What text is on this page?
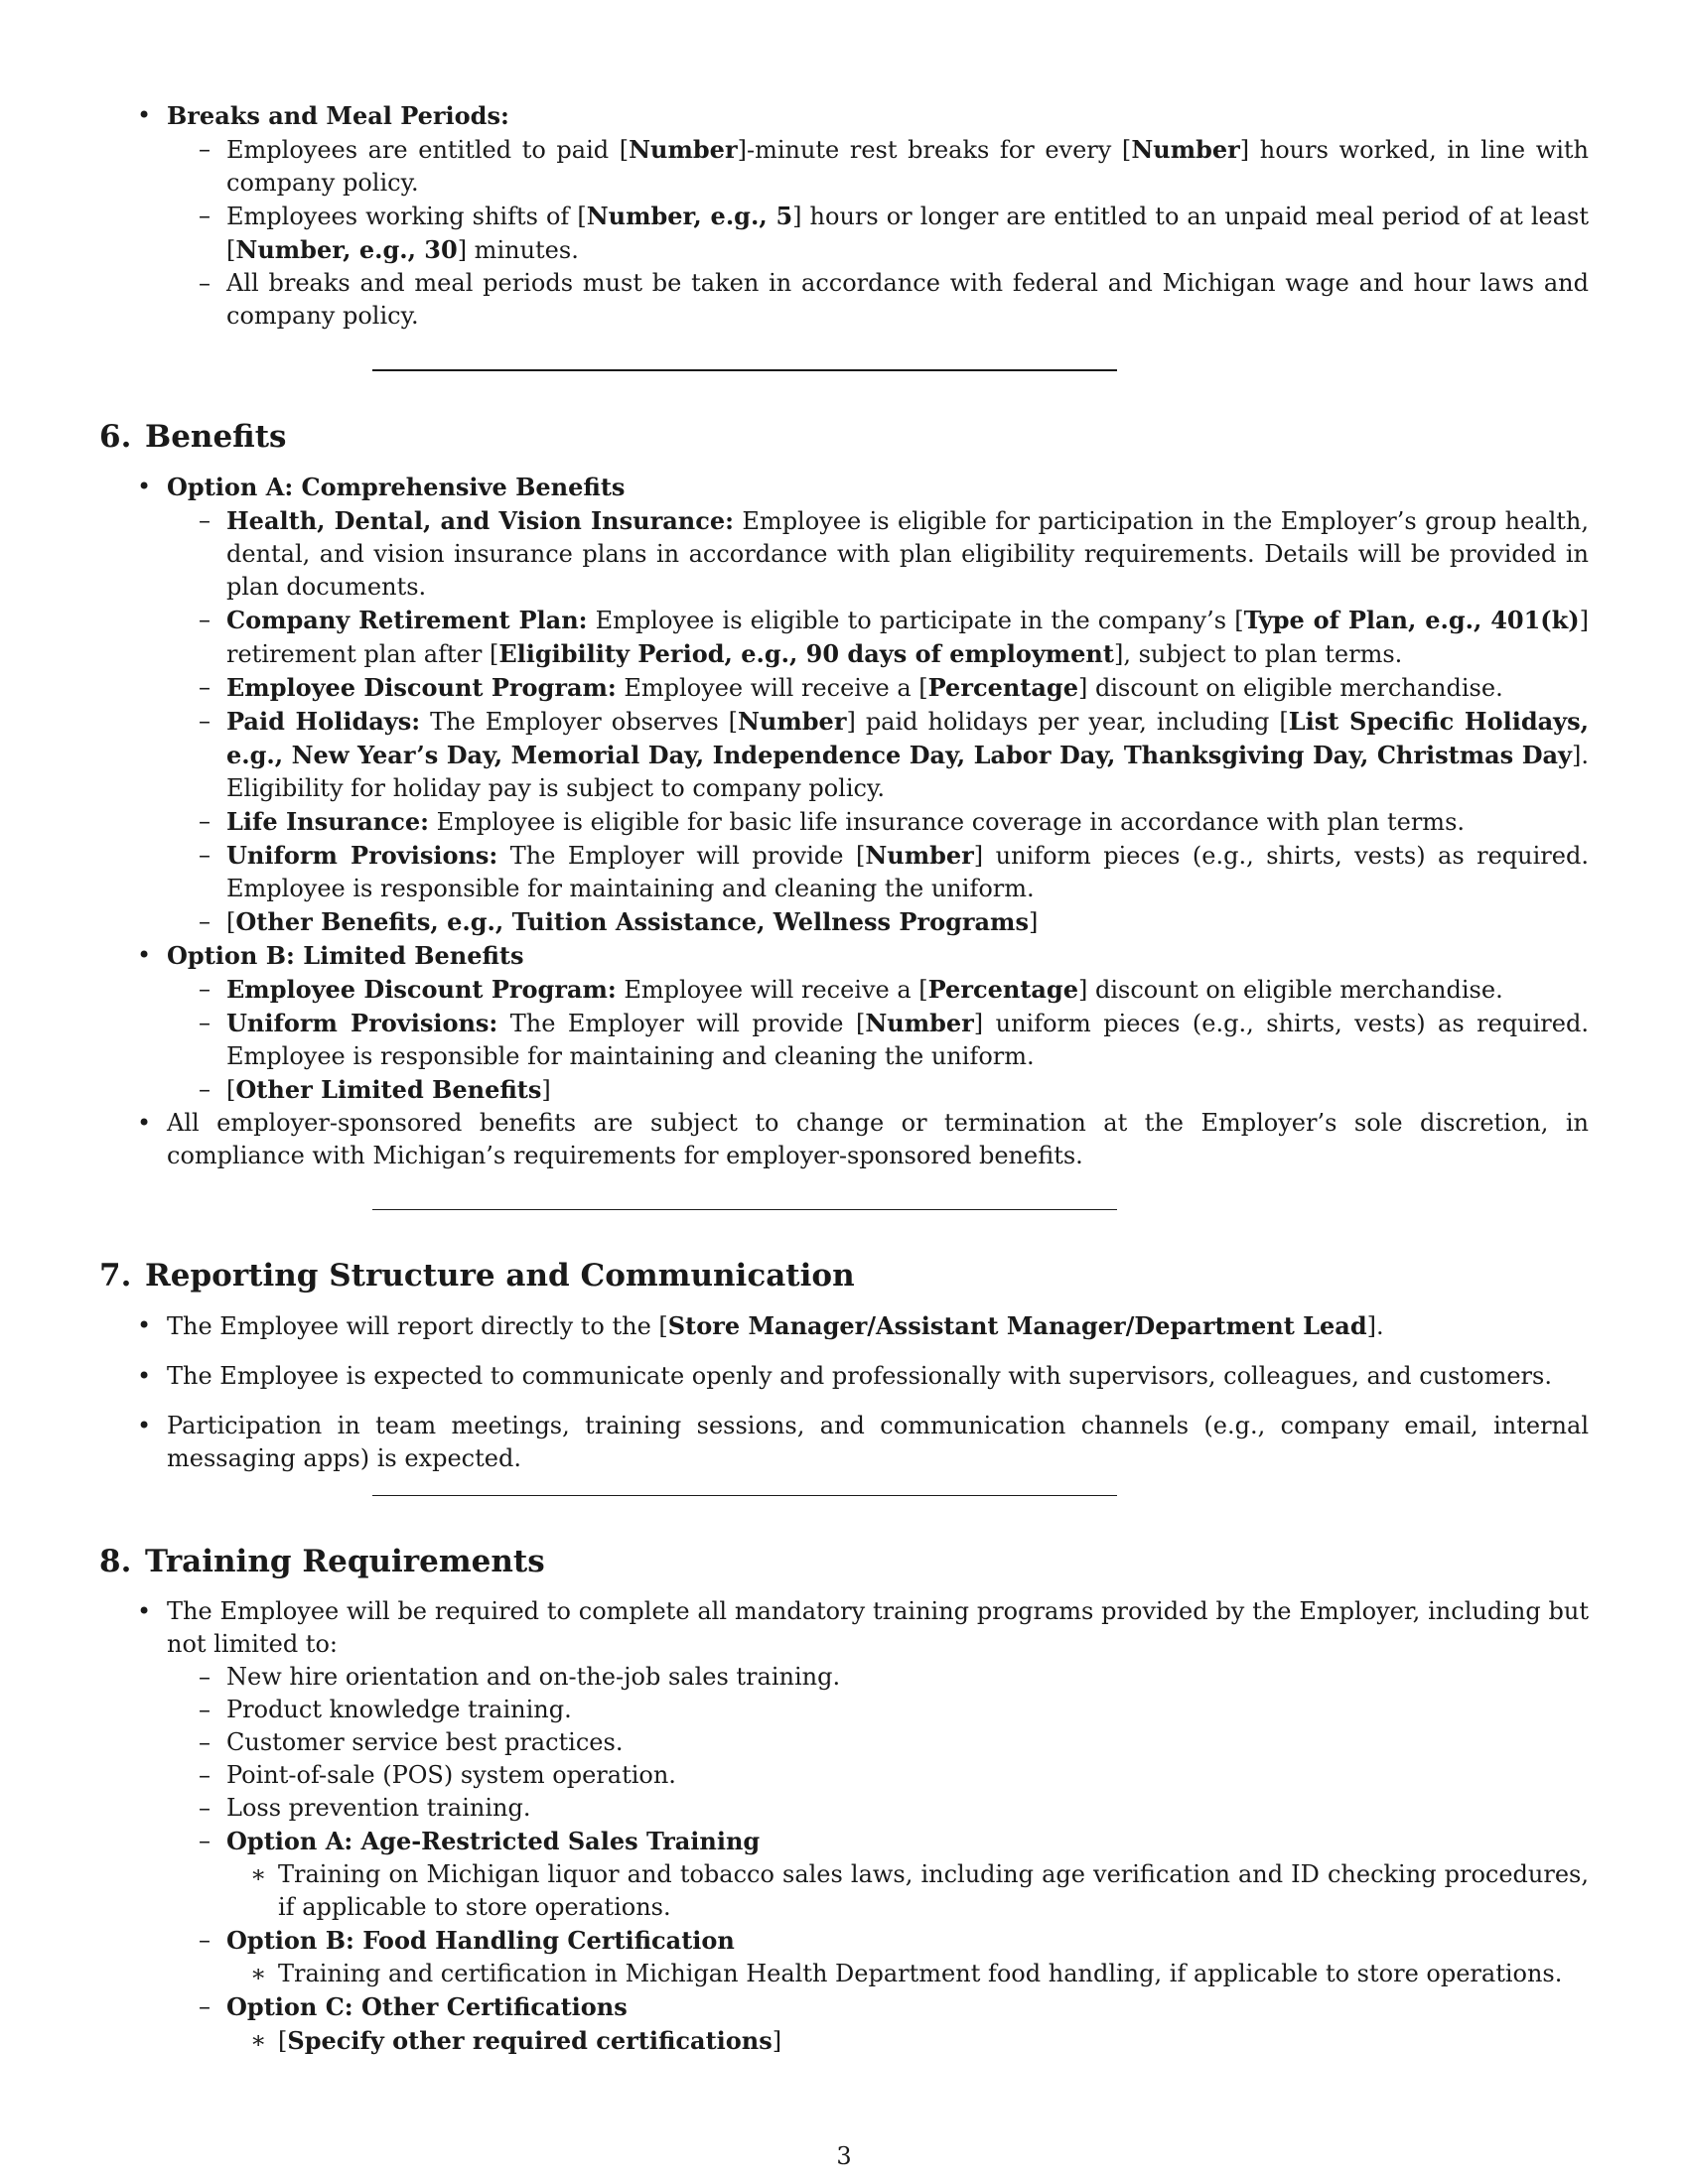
• Breaks and Meal Periods:
– Employees are entitled to paid [Number]-minute rest breaks for every [Number] hours worked, in line with company policy.
– Employees working shifts of [Number, e.g., 5] hours or longer are entitled to an unpaid meal period of at least [Number, e.g., 30] minutes.
– All breaks and meal periods must be taken in accordance with federal and Michigan wage and hour laws and company policy.
6. Benefits
• Option A: Comprehensive Benefits
– Health, Dental, and Vision Insurance: Employee is eligible for participation in the Employer’s group health, dental, and vision insurance plans in accordance with plan eligibility requirements. Details will be provided in plan documents.
– Company Retirement Plan: Employee is eligible to participate in the company’s [Type of Plan, e.g., 401(k)] retirement plan after [Eligibility Period, e.g., 90 days of employment], subject to plan terms.
– Employee Discount Program: Employee will receive a [Percentage] discount on eligible merchandise.
– Paid Holidays: The Employer observes [Number] paid holidays per year, including [List Specific Holidays, e.g., New Year’s Day, Memorial Day, Independence Day, Labor Day, Thanksgiving Day, Christmas Day]. Eligibility for holiday pay is subject to company policy.
– Life Insurance: Employee is eligible for basic life insurance coverage in accordance with plan terms.
– Uniform Provisions: The Employer will provide [Number] uniform pieces (e.g., shirts, vests) as required. Employee is responsible for maintaining and cleaning the uniform.
– [Other Benefits, e.g., Tuition Assistance, Wellness Programs]
• Option B: Limited Benefits
– Employee Discount Program: Employee will receive a [Percentage] discount on eligible merchandise.
– Uniform Provisions: The Employer will provide [Number] uniform pieces (e.g., shirts, vests) as required. Employee is responsible for maintaining and cleaning the uniform.
– [Other Limited Benefits]
• All employer-sponsored benefits are subject to change or termination at the Employer’s sole discretion, in compliance with Michigan’s requirements for employer-sponsored benefits.
7. Reporting Structure and Communication
• The Employee will report directly to the [Store Manager/Assistant Manager/Department Lead].
• The Employee is expected to communicate openly and professionally with supervisors, colleagues, and customers.
• Participation in team meetings, training sessions, and communication channels (e.g., company email, internal messaging apps) is expected.
8. Training Requirements
• The Employee will be required to complete all mandatory training programs provided by the Employer, including but not limited to:
– New hire orientation and on-the-job sales training.
– Product knowledge training.
– Customer service best practices.
– Point-of-sale (POS) system operation.
– Loss prevention training.
– Option A: Age-Restricted Sales Training
∗ Training on Michigan liquor and tobacco sales laws, including age verification and ID checking procedures, if applicable to store operations.
– Option B: Food Handling Certification
∗ Training and certification in Michigan Health Department food handling, if applicable to store operations.
– Option C: Other Certifications
∗ [Specify other required certifications]
3
